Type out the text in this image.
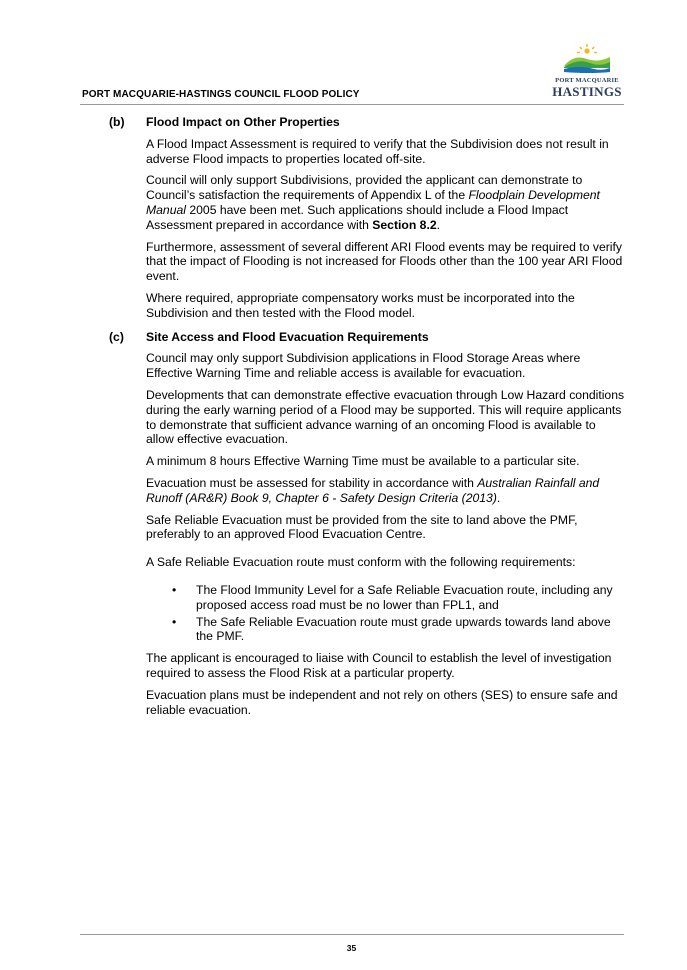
PORT MACQUARIE-HASTINGS COUNCIL FLOOD POLICY
PORT MACQUARIE
HASTINGS
(b) Flood Impact on Other Properties

A Flood Impact Assessment is required to verify that the Subdivision does not result in adverse Flood impacts to properties located off-site.

Council will only support Subdivisions, provided the applicant can demonstrate to Council’s satisfaction the requirements of Appendix L of the Floodplain Development Manual 2005 have been met. Such applications should include a Flood Impact Assessment prepared in accordance with Section 8.2.

Furthermore, assessment of several different ARI Flood events may be required to verify that the impact of Flooding is not increased for Floods other than the 100 year ARI Flood event.

Where required, appropriate compensatory works must be incorporated into the Subdivision and then tested with the Flood model.

(c) Site Access and Flood Evacuation Requirements

Council may only support Subdivision applications in Flood Storage Areas where Effective Warning Time and reliable access is available for evacuation.

Developments that can demonstrate effective evacuation through Low Hazard conditions during the early warning period of a Flood may be supported. This will require applicants to demonstrate that sufficient advance warning of an oncoming Flood is available to allow effective evacuation.

A minimum 8 hours Effective Warning Time must be available to a particular site.

Evacuation must be assessed for stability in accordance with Australian Rainfall and Runoff (AR&R) Book 9, Chapter 6 - Safety Design Criteria (2013).

Safe Reliable Evacuation must be provided from the site to land above the PMF, preferably to an approved Flood Evacuation Centre.

A Safe Reliable Evacuation route must conform with the following requirements:

• The Flood Immunity Level for a Safe Reliable Evacuation route, including any proposed access road must be no lower than FPL1, and
• The Safe Reliable Evacuation route must grade upwards towards land above the PMF.

The applicant is encouraged to liaise with Council to establish the level of investigation required to assess the Flood Risk at a particular property.

Evacuation plans must be independent and not rely on others (SES) to ensure safe and reliable evacuation.

35
